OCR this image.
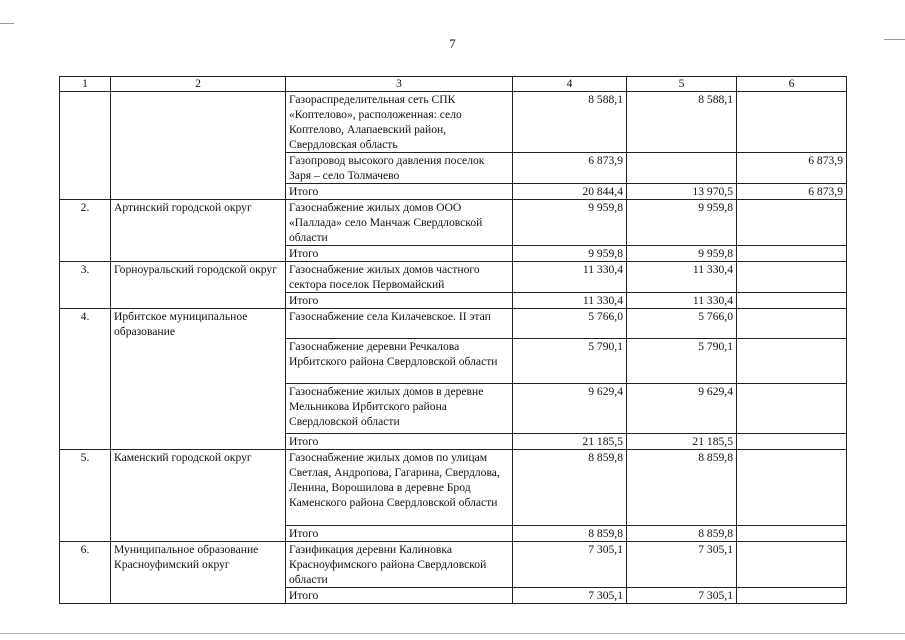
7
1	2	3	4	5	6
		Газораспределительная сеть СПК «Коптелово», расположенная: село Коптелово, Алапаевский район, Свердловская область	8 588,1	8 588,1	
		Газопровод высокого давления поселок Заря – село Толмачево	6 873,9		6 873,9
		Итого	20 844,4	13 970,5	6 873,9
2.	Артинский городской округ	Газоснабжение жилых домов ООО «Паллада» село Манчаж Свердловской области	9 959,8	9 959,8	
		Итого	9 959,8	9 959,8	
3.	Горноуральский городской округ	Газоснабжение жилых домов частного сектора поселок Первомайский	11 330,4	11 330,4	
		Итого	11 330,4	11 330,4	
4.	Ирбитское муниципальное образование	Газоснабжение села Килачевское. II этап	5 766,0	5 766,0	
		Газоснабжение деревни Речкалова Ирбитского района Свердловской области	5 790,1	5 790,1	
		Газоснабжение жилых домов в деревне Мельникова Ирбитского района Свердловской области	9 629,4	9 629,4	
		Итого	21 185,5	21 185,5	
5.	Каменский городской округ	Газоснабжение жилых домов по улицам Светлая, Андропова, Гагарина, Свердлова, Ленина, Ворошилова в деревне Брод Каменского района Свердловской области	8 859,8	8 859,8	
		Итого	8 859,8	8 859,8	
6.	Муниципальное образование Красноуфимский округ	Газификация деревни Калиновка Красноуфимского района Свердловской области	7 305,1	7 305,1	
		Итого	7 305,1	7 305,1	
